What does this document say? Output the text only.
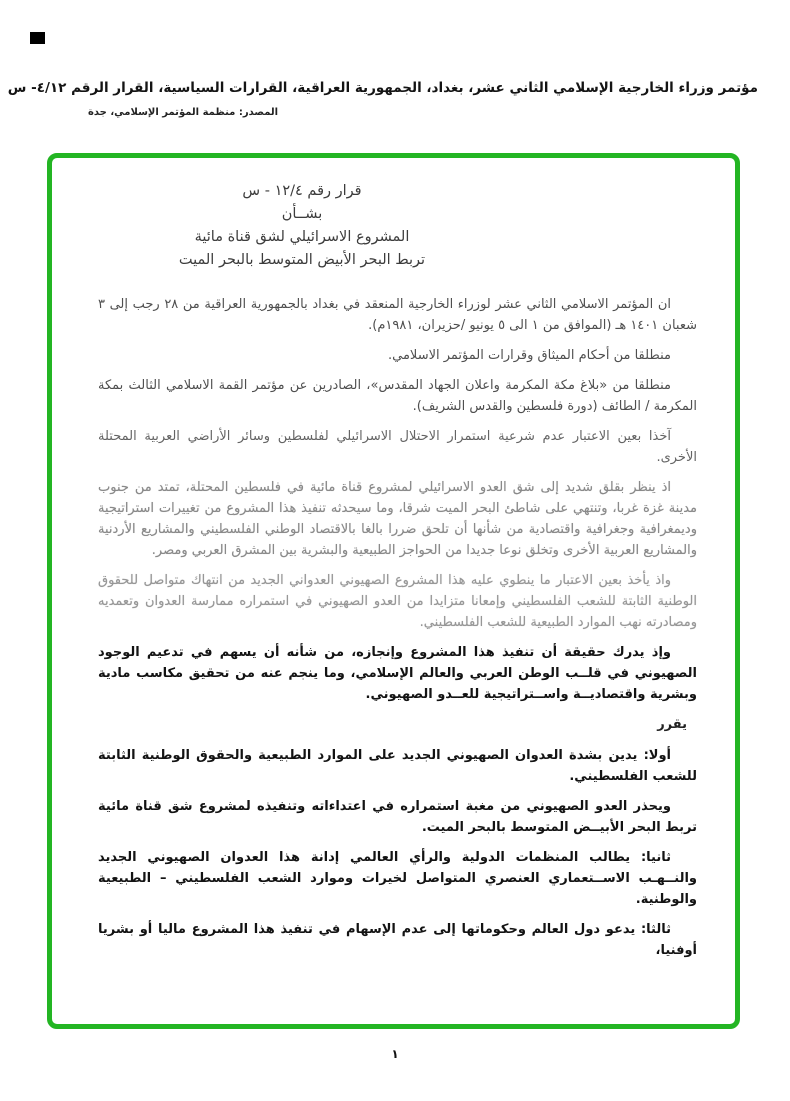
مؤتمر وزراء الخارجية الإسلامي الثاني عشر، بغداد، الجمهورية العراقية، القرارات السياسية، القرار الرقم ٤/١٢- س
المصدر: منظمة المؤتمر الإسلامي، جدة
قرار رقم ١٢/٤ - س
بشــأن
المشروع الاسرائيلي لشق قناة مائية
تربط البحر الأبيض المتوسط بالبحر الميت

ان المؤتمر الاسلامي الثاني عشر لوزراء الخارجية المنعقد في بغداد بالجمهورية العراقية من ٢٨ رجب إلى ٣ شعبان ١٤٠١ هـ (الموافق من ١ الى ٥ يونيو /حزيران، ١٩٨١م).

منطلقا من أحكام الميثاق وقرارات المؤتمر الاسلامي.

منطلقا من «بلاغ مكة المكرمة واعلان الجهاد المقدس»، الصادرين عن مؤتمر القمة الاسلامي الثالث بمكة المكرمة / الطائف (دورة فلسطين والقدس الشريف).

آخذا بعين الاعتبار عدم شرعية استمرار الاحتلال الاسرائيلي لفلسطين وسائر الأراضي العربية المحتلة الأخرى.

اذ ينظر بقلق شديد إلى شق العدو الاسرائيلي لمشروع قناة مائية في فلسطين المحتلة، تمتد من جنوب مدينة غزة غربا، وتنتهي على شاطئ البحر الميت شرقا، وما سيحدثه تنفيذ هذا المشروع من تغييرات استراتيجية وديمغرافية وجغرافية واقتصادية من شأنها أن تلحق ضررا بالغا بالاقتصاد الوطني الفلسطيني والمشاريع الأردنية والمشاريع العربية الأخرى وتخلق نوعا جديدا من الحواجز الطبيعية والبشرية بين المشرق العربي ومصر.

واذ يأخذ بعين الاعتبار ما ينطوي عليه هذا المشروع الصهيوني العدواني الجديد من انتهاك متواصل للحقوق الوطنية الثابتة للشعب الفلسطيني وإمعانا متزايدا من العدو الصهيوني في استمراره ممارسة العدوان وتعمديه ومصادرته نهب الموارد الطبيعية للشعب الفلسطيني.

وإذ يدرك حقيقة أن تنفيذ هذا المشروع وإنجازه، من شأنه أن يسهم في تدعيم الوجود الصهيوني في قلــب الوطن العربي والعالم الإسلامي، وما ينجم عنه من تحقيق مكاسب مادية وبشرية واقتصاديــة واســتراتيجية للعــدو الصهيوني.

يقرر

أولا: يدين بشدة العدوان الصهيوني الجديد على الموارد الطبيعية والحقوق الوطنية الثابتة للشعب الفلسطيني.

ويحذر العدو الصهيوني من مغبة استمراره في اعتداءاته وتنفيذه لمشروع شق قناة مائية تربط البحر الأبيــض المتوسط بالبحر الميت.

ثانيا: يطالب المنظمات الدولية والرأي العالمي إدانة هذا العدوان الصهيوني الجديد والنــهـب الاســتعماري العنصري المتواصل لخيرات وموارد الشعب الفلسطيني – الطبيعية والوطنية.

ثالثا: يدعو دول العالم وحكوماتها إلى عدم الإسهام في تنفيذ هذا المشروع ماليا أو بشريا أوفنيا،

١
